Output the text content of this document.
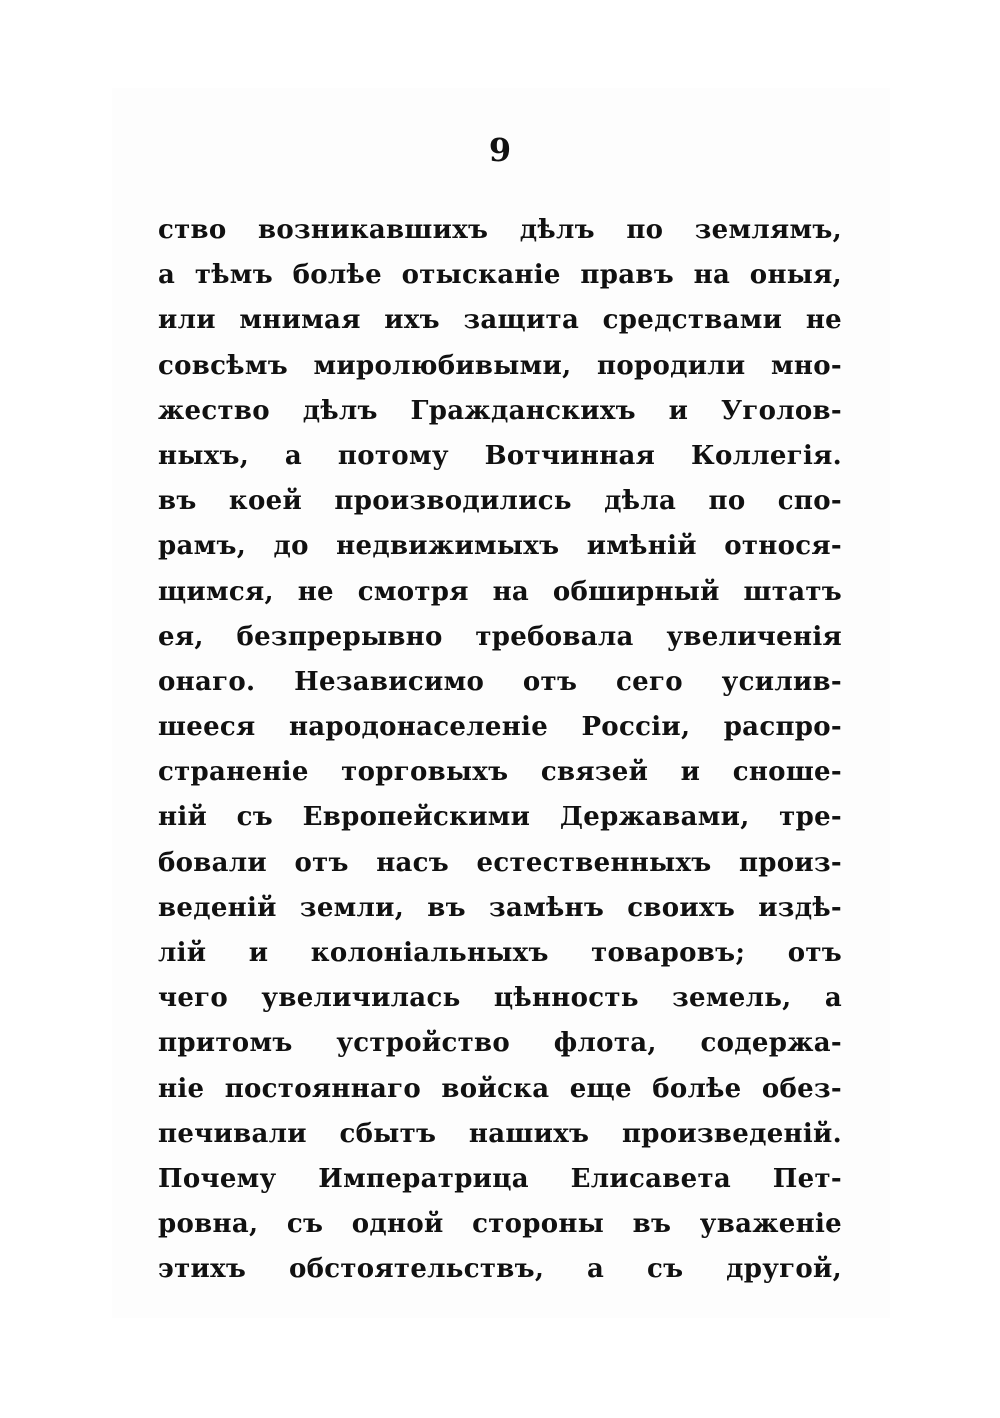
9

ство возникавшихъ дѣлъ по землямъ,
а тѣмъ болѣе отысканіе правъ на оныя,
или мнимая ихъ защита средствами не
совсѣмъ миролюбивыми, породили мно-
жество дѣлъ Гражданскихъ и Уголов-
ныхъ, а потому Вотчинная Коллегія.
въ коей производились дѣла по спо-
рамъ, до недвижимыхъ имѣній относя-
щимся, не смотря на обширный штатъ
ея, безпрерывно требовала увеличенія
онаго. Независимо отъ сего усилив-
шееся народонаселеніе Россіи, распро-
страненіе торговыхъ связей и сноше-
ній съ Европейскими Державами, тре-
бовали отъ насъ естественныхъ произ-
веденій земли, въ замѣнъ своихъ издѣ-
лій и колоніальныхъ товаровъ; отъ
чего увеличилась цѣнность земель, а
притомъ устройство флота, содержа-
ніе постояннаго войска еще болѣе обез-
печивали сбытъ нашихъ произведеній.
Почему Императрица Елисавета Пет-
ровна, съ одной стороны въ уваженіе
этихъ обстоятельствъ, а съ другой,
